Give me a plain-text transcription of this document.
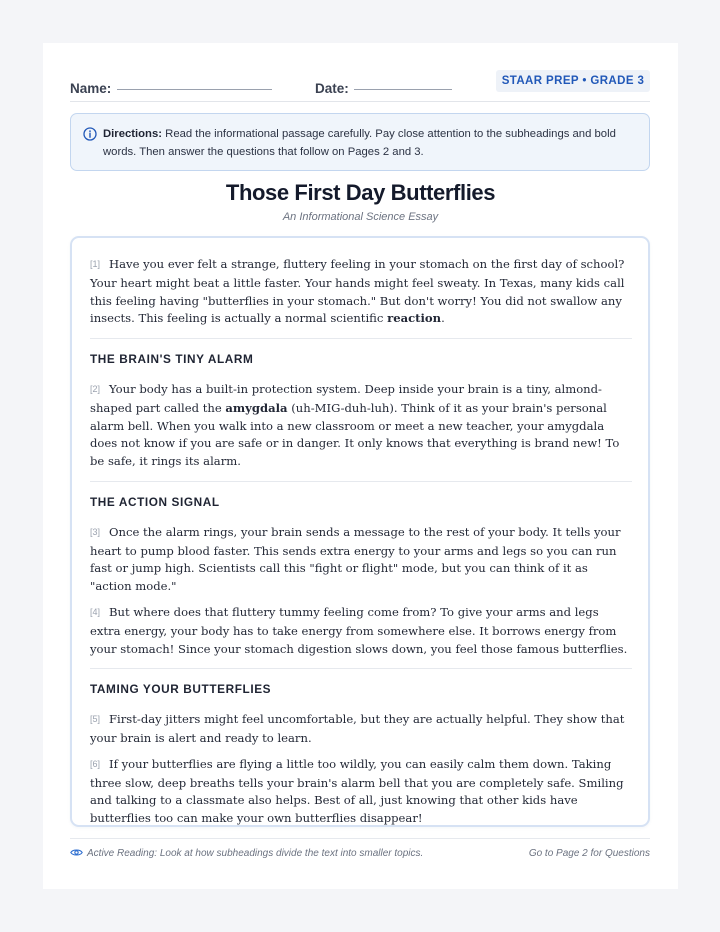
Name:	Date:	STAAR PREP • GRADE 3
Directions: Read the informational passage carefully. Pay close attention to the subheadings and bold words. Then answer the questions that follow on Pages 2 and 3.
Those First Day Butterflies
An Informational Science Essay

[1] Have you ever felt a strange, fluttery feeling in your stomach on the first day of school? Your heart might beat a little faster. Your hands might feel sweaty. In Texas, many kids call this feeling having "butterflies in your stomach." But don't worry! You did not swallow any insects. This feeling is actually a normal scientific reaction.

THE BRAIN'S TINY ALARM

[2] Your body has a built-in protection system. Deep inside your brain is a tiny, almond-shaped part called the amygdala (uh-MIG-duh-luh). Think of it as your brain's personal alarm bell. When you walk into a new classroom or meet a new teacher, your amygdala does not know if you are safe or in danger. It only knows that everything is brand new! To be safe, it rings its alarm.

THE ACTION SIGNAL

[3] Once the alarm rings, your brain sends a message to the rest of your body. It tells your heart to pump blood faster. This sends extra energy to your arms and legs so you can run fast or jump high. Scientists call this "fight or flight" mode, but you can think of it as "action mode."

[4] But where does that fluttery tummy feeling come from? To give your arms and legs extra energy, your body has to take energy from somewhere else. It borrows energy from your stomach! Since your stomach digestion slows down, you feel those famous butterflies.

TAMING YOUR BUTTERFLIES

[5] First-day jitters might feel uncomfortable, but they are actually helpful. They show that your brain is alert and ready to learn.

[6] If your butterflies are flying a little too wildly, you can easily calm them down. Taking three slow, deep breaths tells your brain's alarm bell that you are completely safe. Smiling and talking to a classmate also helps. Best of all, just knowing that other kids have butterflies too can make your own butterflies disappear!

Active Reading: Look at how subheadings divide the text into smaller topics.	Go to Page 2 for Questions
